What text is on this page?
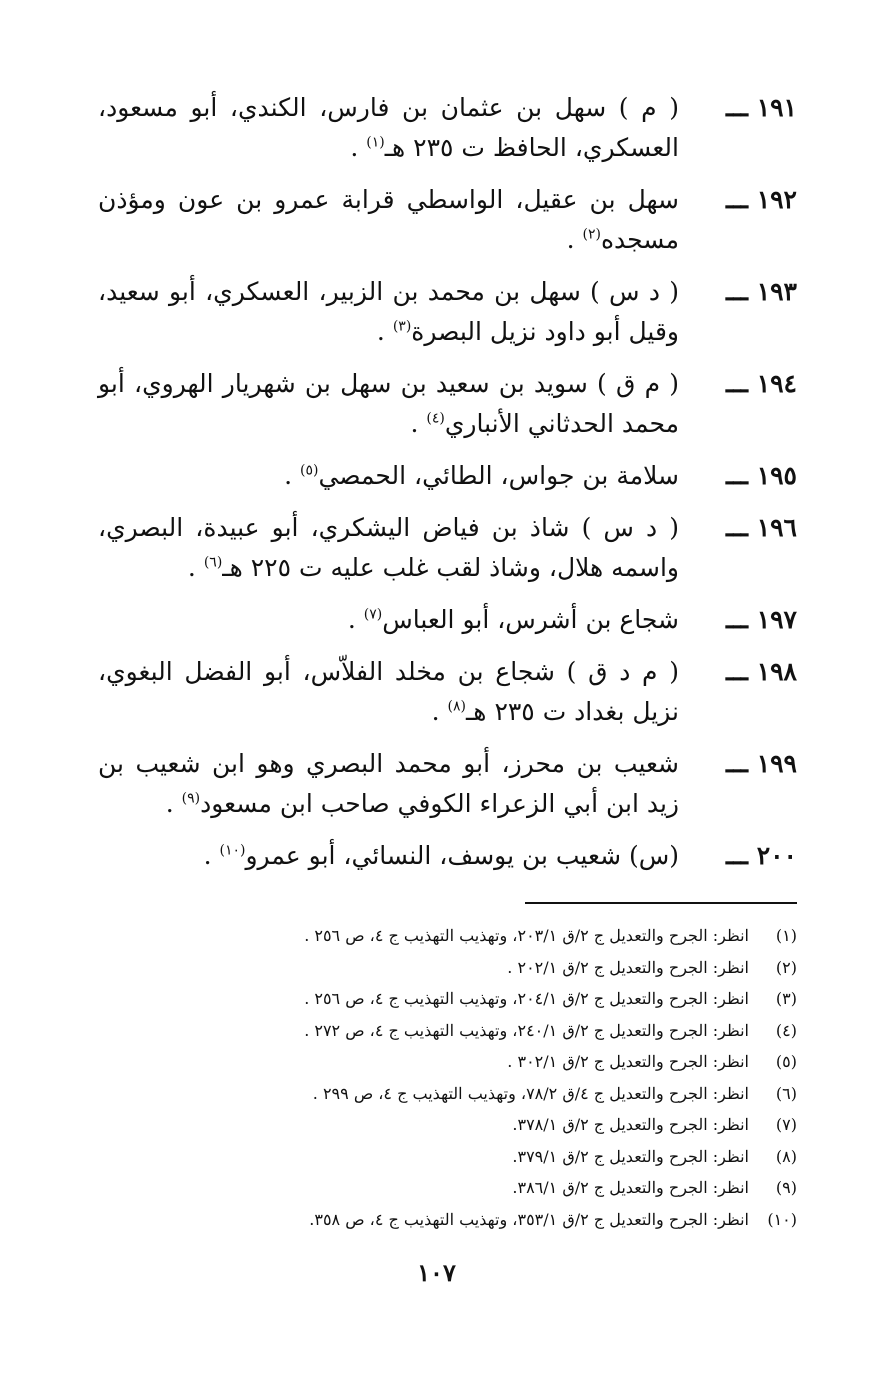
١٩١ ـــ
( م ) سهل بن عثمان بن فارس، الكندي، أبو مسعود، العسكري، الحافظ ت ٢٣٥ هـ$^{(١)}$ .
١٩٢ ـــ
سهل بن عقيل، الواسطي قرابة عمرو بن عون ومؤذن مسجده$^{(٢)}$ .
١٩٣ ـــ
( د س ) سهل بن محمد بن الزبير، العسكري، أبو سعيد، وقيل أبو داود نزيل البصرة$^{(٣)}$ .
١٩٤ ـــ
( م ق ) سويد بن سعيد بن سهل بن شهريار الهروي، أبو محمد الحدثاني الأنباري$^{(٤)}$ .
١٩٥ ـــ
سلامة بن جواس، الطائي، الحمصي$^{(٥)}$ .
١٩٦ ـــ
( د س ) شاذ بن فياض اليشكري، أبو عبيدة، البصري، واسمه هلال، وشاذ لقب غلب عليه ت ٢٢٥ هـ$^{(٦)}$ .
١٩٧ ـــ
شجاع بن أشرس، أبو العباس$^{(٧)}$ .
١٩٨ ـــ
( م د ق ) شجاع بن مخلد الفلاّس، أبو الفضل البغوي، نزيل بغداد ت ٢٣٥ هـ$^{(٨)}$ .
١٩٩ ـــ
شعيب بن محرز، أبو محمد البصري وهو ابن شعيب بن زيد ابن أبي الزعراء الكوفي صاحب ابن مسعود$^{(٩)}$ .
٢٠٠ ـــ
(س) شعيب بن يوسف، النسائي، أبو عمرو$^{(١٠)}$ .
(١)
انظر: الجرح والتعديل ج ٢/ق ٢٠٣/١، وتهذيب التهذيب ج ٤، ص ٢٥٦ .
(٢)
انظر: الجرح والتعديل ج ٢/ق ٢٠٢/١ .
(٣)
انظر: الجرح والتعديل ج ٢/ق ٢٠٤/١، وتهذيب التهذيب ج ٤، ص ٢٥٦ .
(٤)
انظر: الجرح والتعديل ج ٢/ق ٢٤٠/١، وتهذيب التهذيب ج ٤، ص ٢٧٢ .
(٥)
انظر: الجرح والتعديل ج ٢/ق ٣٠٢/١ .
(٦)
انظر: الجرح والتعديل ج ٤/ق ٧٨/٢، وتهذيب التهذيب ج ٤، ص ٢٩٩ .
(٧)
انظر: الجرح والتعديل ج ٢/ق ٣٧٨/١.
(٨)
انظر: الجرح والتعديل ج ٢/ق ٣٧٩/١.
(٩)
انظر: الجرح والتعديل ج ٢/ق ٣٨٦/١.
(١٠)
انظر: الجرح والتعديل ج ٢/ق ٣٥٣/١، وتهذيب التهذيب ج ٤، ص ٣٥٨.
١٠٧
